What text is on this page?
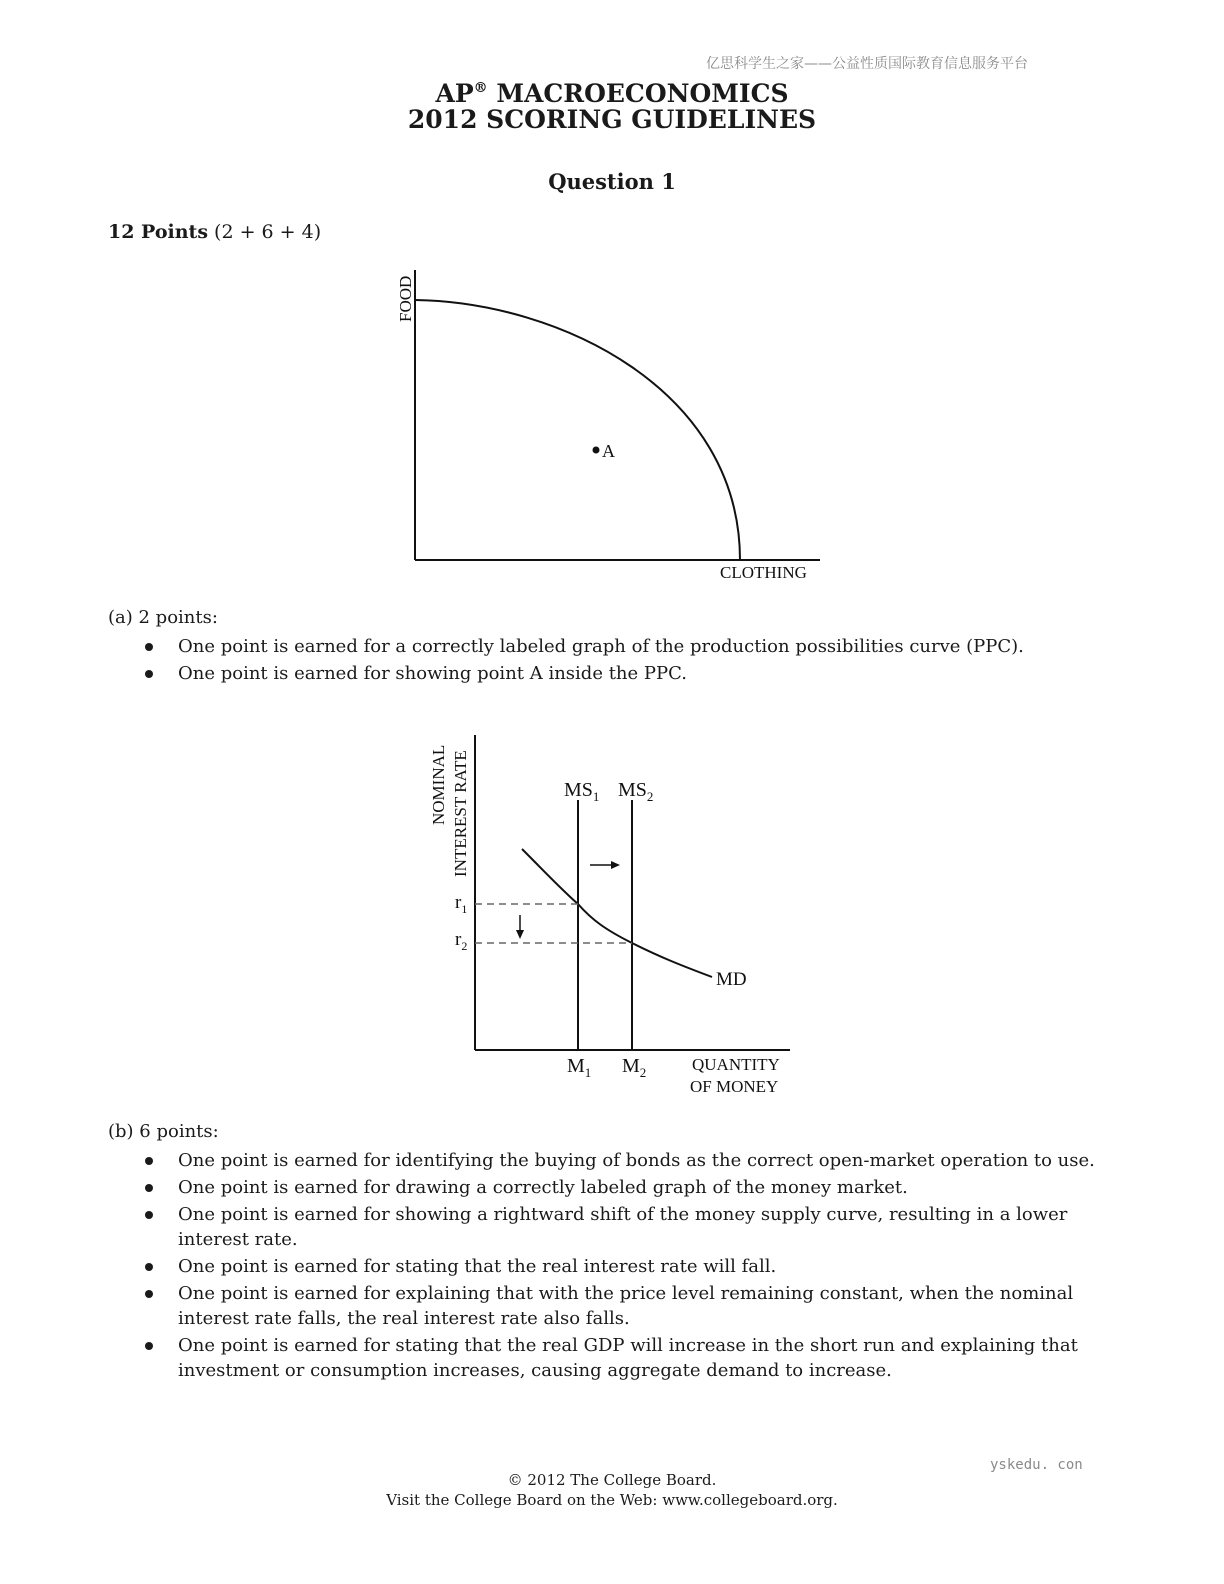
亿思科学生之家——公益性质国际教育信息服务平台
AP® MACROECONOMICS
2012 SCORING GUIDELINES
Question 1
12 Points (2 + 6 + 4)
A
FOOD
CLOTHING
(a) 2 points:
One point is earned for a correctly labeled graph of the production possibilities curve (PPC).
One point is earned for showing point A inside the PPC.
NOMINAL INTEREST RATE	$MS_1$ $MS_2$
MD
$r_1$
$r_2$
$M_1$ $M_2$	QUANTITY
OF MONEY
(b) 6 points:
One point is earned for identifying the buying of bonds as the correct open-market operation to use.
One point is earned for drawing a correctly labeled graph of the money market.
One point is earned for showing a rightward shift of the money supply curve, resulting in a lower interest rate.
One point is earned for stating that the real interest rate will fall.
One point is earned for explaining that with the price level remaining constant, when the nominal interest rate falls, the real interest rate also falls.
One point is earned for stating that the real GDP will increase in the short run and explaining that investment or consumption increases, causing aggregate demand to increase.
yskedu. con
© 2012 The College Board.
Visit the College Board on the Web: www.collegeboard.org.
